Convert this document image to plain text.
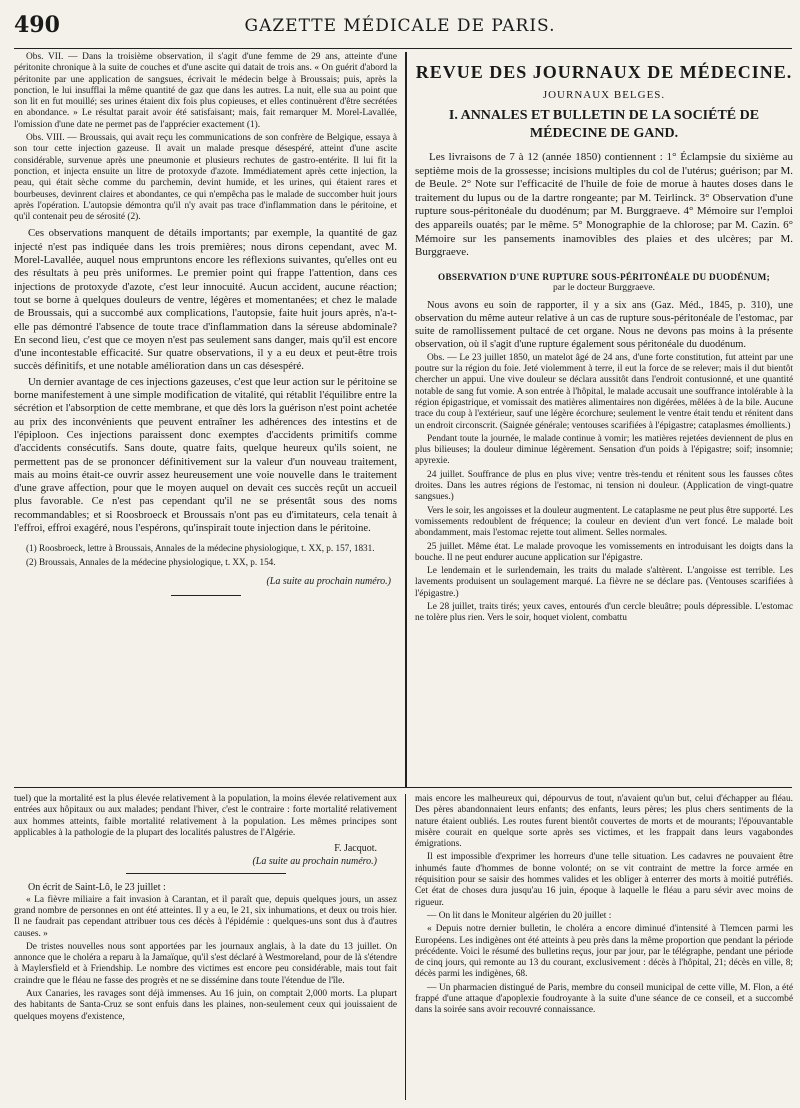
490	GAZETTE MÉDICALE DE PARIS.

Obs. VII. — Dans la troisième observation, il s'agit d'une femme de 29 ans, atteinte d'une péritonite chronique à la suite de couches et d'une ascite qui datait de trois ans. « On guérit d'abord la péritonite par une application de sangsues, écrivait le médecin belge à Broussais; puis, après la ponction, le lui insufflai la même quantité de gaz que dans les autres. La nuit, elle sua au point que son lit en fut mouillé; ses urines étaient dix fois plus copieuses, et elles continuèrent d'être secrétées en abondance. » Le résultat parait avoir été satisfaisant; mais, fait remarquer M. Morel-Lavallée, l'omission d'une date ne permet pas de l'apprécier exactement (1).

Obs. VIII. — Broussais, qui avait reçu les communications de son confrère de Belgique, essaya à son tour cette injection gazeuse. Il avait un malade presque désespéré, atteint d'une ascite considérable, survenue après une pneumonie et plusieurs rechutes de gastro-entérite. Il lui fit la ponction, et injecta ensuite un litre de protoxyde d'azote. Immédiatement après cette injection, la peau, qui était sèche comme du parchemin, devint humide, et les urines, qui étaient rares et bourbeuses, devinrent claires et abondantes, ce qui n'empêcha pas le malade de succomber huit jours après l'opération. L'autopsie démontra qu'il n'y avait pas trace d'inflammation dans le péritoine, et qu'il contenait peu de sérosité (2).

Ces observations manquent de détails importants; par exemple, la quantité de gaz injecté n'est pas indiquée dans les trois premières; nous dirons cependant, avec M. Morel-Lavallée, auquel nous empruntons encore les réflexions suivantes, qu'elles ont eu des résultats à peu près uniformes. Le premier point qui frappe l'attention, dans ces injections de protoxyde d'azote, c'est leur innocuité. Aucun accident, aucune réaction; tout se borne à quelques douleurs de ventre, légères et momentanées; et chez le malade de Broussais, qui a succombé aux complications, l'autopsie, faite huit jours après, n'a-t-elle pas démontré l'absence de toute trace d'inflammation dans la séreuse abdominale? En second lieu, c'est que ce moyen n'est pas seulement sans danger, mais qu'il est encore d'une incontestable efficacité. Sur quatre observations, il y a eu deux et peut-être trois succès définitifs, et une notable amélioration dans un cas désespéré.

Un dernier avantage de ces injections gazeuses, c'est que leur action sur le péritoine se borne manifestement à une simple modification de vitalité, qui rétablit l'équilibre entre la sécrétion et l'absorption de cette membrane, et que dès lors la guérison n'est point achetée au prix des inconvénients que peuvent entraîner les adhérences des intestins et de l'épiploon. Ces injections paraissent donc exemptes d'accidents primitifs comme d'accidents consécutifs. Sans doute, quatre faits, quelque heureux qu'ils soient, ne permettent pas de se prononcer définitivement sur la valeur d'un nouveau traitement, mais au moins était-ce ouvrir assez heureusement une voie nouvelle dans le traitement d'une grave affection, pour que le moyen auquel on devait ces succès reçût un accueil plus favorable. Ce n'est pas cependant qu'il ne se présentât sous des noms recommandables; et si Roosbroeck et Broussais n'ont pas eu d'imitateurs, cela tenait à l'effroi, effroi exagéré, nous l'espérons, qu'inspirait toute injection dans le péritoine.

(1) Roosbroeck, lettre à Broussais, Annales de la médecine physiologique, t. XX, p. 157, 1831.
(2) Broussais, Annales de la médecine physiologique, t. XX, p. 154.
(La suite au prochain numéro.)
REVUE DES JOURNAUX DE MÉDECINE.
JOURNAUX BELGES.
I. ANNALES ET BULLETIN DE LA SOCIÉTÉ DE MÉDECINE DE GAND.
Les livraisons de 7 à 12 (année 1850) contiennent : 1° Éclampsie du sixième au septième mois de la grossesse; incisions multiples du col de l'utérus; guérison; par M. de Beule. 2° Note sur l'efficacité de l'huile de foie de morue à hautes doses dans le traitement du lupus ou de la dartre rongeante; par M. Teirlinck. 3° Observation d'une rupture sous-péritonéale du duodénum; par M. Burggraeve. 4° Mémoire sur l'emploi des appareils ouatés; par le même. 5° Monographie de la chlorose; par M. Cazin. 6° Mémoire sur les pansements inamovibles des plaies et des ulcères; par M. Burggraeve.
OBSERVATION D'UNE RUPTURE SOUS-PÉRITONÉALE DU DUODÉNUM;
par le docteur Burggraeve.

Nous avons eu soin de rapporter, il y a six ans (Gaz. Méd., 1845, p. 310), une observation du même auteur relative à un cas de rupture sous-péritonéale de l'estomac, par suite de ramollissement pultacé de cet organe. Nous ne devons pas moins à la présente observation, où il s'agit d'une rupture également sous péritonéale du duodénum.

Obs. — Le 23 juillet 1850, un matelot âgé de 24 ans, d'une forte constitution, fut atteint par une poutre sur la région du foie. Jeté violemment à terre, il eut la force de se relever; mais il dut bientôt chercher un appui. Une vive douleur se déclara aussitôt dans l'endroit contusionné, et une quantité notable de sang fut vomie. A son entrée à l'hôpital, le malade accusait une souffrance intolérable à la région épigastrique, et vomissait des matières alimentaires non digérées, mêlées à de la bile. Aucune trace du coup à l'extérieur, sauf une légère écorchure; seulement le ventre était tendu et rénitent dans un endroit circonscrit. (Saignée générale; ventouses scarifiées à l'épigastre; cataplasmes émollients.)

Pendant toute la journée, le malade continue à vomir; les matières rejetées deviennent de plus en plus bilieuses; la douleur diminue légèrement. Sensation d'un poids à l'épigastre; soif; insomnie; apyrexie.

24 juillet. Souffrance de plus en plus vive; ventre très-tendu et rénitent sous les fausses côtes droites. Dans les autres régions de l'estomac, ni tension ni douleur. (Application de vingt-quatre sangsues.)

Vers le soir, les angoisses et la douleur augmentent. Le cataplasme ne peut plus être supporté. Les vomissements redoublent de fréquence; la couleur en devient d'un vert foncé. Le malade boit abondamment, mais l'estomac rejette tout aliment. Selles normales.

25 juillet. Même état. Le malade provoque les vomissements en introduisant les doigts dans la bouche. Il ne peut endurer aucune application sur l'épigastre.

Le lendemain et le surlendemain, les traits du malade s'altèrent. L'angoisse est terrible. Les lavements produisent un soulagement marqué. La fièvre ne se déclare pas. (Ventouses scarifiées à l'épigastre.)

Le 28 juillet, traits tirés; yeux caves, entourés d'un cercle bleuâtre; pouls dépressible. L'estomac ne tolère plus rien. Vers le soir, hoquet violent, combattu

tuel) que la mortalité est la plus élevée relativement à la population, la moins élevée relativement aux entrées aux hôpitaux ou aux malades; pendant l'hiver, c'est le contraire : forte mortalité relativement aux hommes atteints, faible mortalité relativement à la population. Les mêmes principes sont applicables à la pathologie de la plupart des localités palustres de l'Algérie.

F. Jacquot.
(La suite au prochain numéro.)
On écrit de Saint-Lô, le 23 juillet :

« La fièvre miliaire a fait invasion à Carantan, et il paraît que, depuis quelques jours, un assez grand nombre de personnes en ont été atteintes. Il y a eu, le 21, six inhumations, et deux ou trois hier. Il ne faudrait pas cependant attribuer tous ces décès à l'épidémie : quelques-uns sont dus à d'autres causes. »

De tristes nouvelles nous sont apportées par les journaux anglais, à la date du 13 juillet. On annonce que le choléra a reparu à la Jamaïque, qu'il s'est déclaré à Westmoreland, pour de là s'étendre à Maylersfield et à Friendship. Le nombre des victimes est encore peu considérable, mais tout fait craindre que le fléau ne fasse des progrès et ne se dissémine dans toute l'étendue de l'île.

Aux Canaries, les ravages sont déjà immenses. Au 16 juin, on comptait 2,000 morts. La plupart des habitants de Santa-Cruz se sont enfuis dans les plaines, non-seulement ceux qui jouissaient de quelques moyens d'existence,

mais encore les malheureux qui, dépourvus de tout, n'avaient qu'un but, celui d'échapper au fléau. Des pères abandonnaient leurs enfants; des enfants, leurs pères; les plus chers sentiments de la nature étaient oubliés. Les routes furent bientôt couvertes de morts et de mourants; l'épouvantable misère courait en quelque sorte après ses victimes, et les frappait dans leurs vagabondes émigrations.

Il est impossible d'exprimer les horreurs d'une telle situation. Les cadavres ne pouvaient être inhumés faute d'hommes de bonne volonté; on se vit contraint de mettre la force armée en réquisition pour se saisir des hommes valides et les obliger à enterrer des morts à moitié putréfiés. Cet état de choses dura jusqu'au 16 juin, époque à laquelle le fléau a paru sévir avec moins de rigueur.

— On lit dans le Moniteur algérien du 20 juillet :

« Depuis notre dernier bulletin, le choléra a encore diminué d'intensité à Tlemcen parmi les Européens. Les indigènes ont été atteints à peu près dans la même proportion que pendant la période précédente. Voici le résumé des bulletins reçus, jour par jour, par le télégraphe, pendant une période de cinq jours, qui remonte au 13 du courant, exclusivement : décès à l'hôpital, 21; décès en ville, 8; décès parmi les indigènes, 68.

— Un pharmacien distingué de Paris, membre du conseil municipal de cette ville, M. Flon, a été frappé d'une attaque d'apoplexie foudroyante à la suite d'une séance de ce conseil, et a succombé dans la soirée sans avoir recouvré connaissance.
